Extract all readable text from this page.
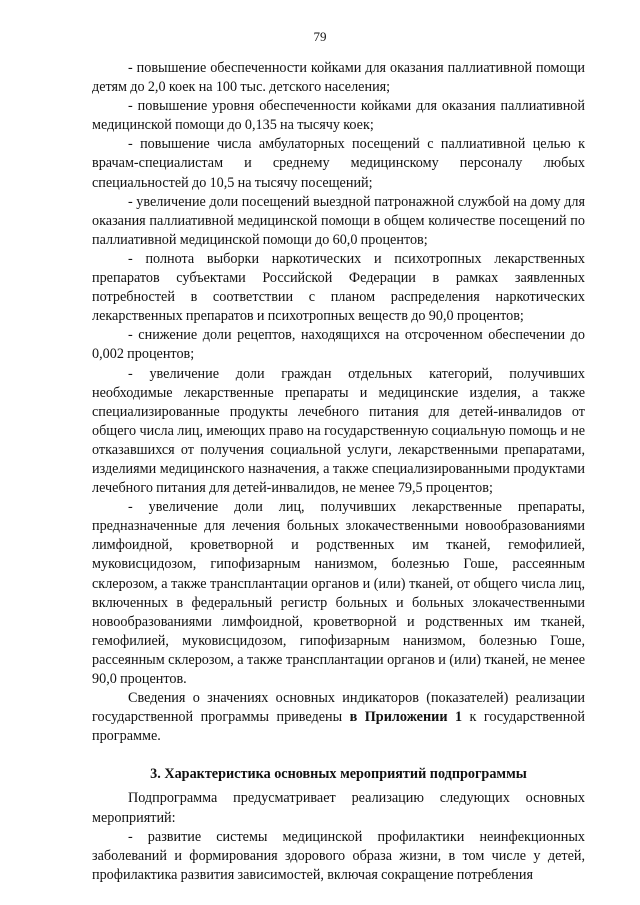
79

- повышение обеспеченности койками для оказания паллиативной помощи детям до 2,0 коек на 100 тыс. детского населения;

- повышение уровня обеспеченности койками для оказания паллиативной медицинской помощи до 0,135 на тысячу коек;

- повышение числа амбулаторных посещений с паллиативной целью к врачам-специалистам и среднему медицинскому персоналу любых специальностей до 10,5 на тысячу посещений;

- увеличение доли посещений выездной патронажной службой на дому для оказания паллиативной медицинской помощи в общем количестве посещений по паллиативной медицинской помощи до 60,0 процентов;

- полнота выборки наркотических и психотропных лекарственных препаратов субъектами Российской Федерации в рамках заявленных потребностей в соответствии с планом распределения наркотических лекарственных препаратов и психотропных веществ до 90,0 процентов;

- снижение доли рецептов, находящихся на отсроченном обеспечении до 0,002 процентов;

- увеличение доли граждан отдельных категорий, получивших необходимые лекарственные препараты и медицинские изделия, а также специализированные продукты лечебного питания для детей-инвалидов от общего числа лиц, имеющих право на государственную социальную помощь и не отказавшихся от получения социальной услуги, лекарственными препаратами, изделиями медицинского назначения, а также специализированными продуктами лечебного питания для детей-инвалидов, не менее 79,5 процентов;

- увеличение доли лиц, получивших лекарственные препараты, предназначенные для лечения больных злокачественными новообразованиями лимфоидной, кроветворной и родственных им тканей, гемофилией, муковисцидозом, гипофизарным нанизмом, болезнью Гоше, рассеянным склерозом, а также трансплантации органов и (или) тканей, от общего числа лиц, включенных в федеральный регистр больных и больных злокачественными новообразованиями лимфоидной, кроветворной и родственных им тканей, гемофилией, муковисцидозом, гипофизарным нанизмом, болезнью Гоше, рассеянным склерозом, а также трансплантации органов и (или) тканей, не менее 90,0 процентов.

Сведения о значениях основных индикаторов (показателей) реализации государственной программы приведены в Приложении 1 к государственной программе.

3. Характеристика основных мероприятий подпрограммы

Подпрограмма предусматривает реализацию следующих основных мероприятий:

- развитие системы медицинской профилактики неинфекционных заболеваний и формирования здорового образа жизни, в том числе у детей, профилактика развития зависимостей, включая сокращение потребления
